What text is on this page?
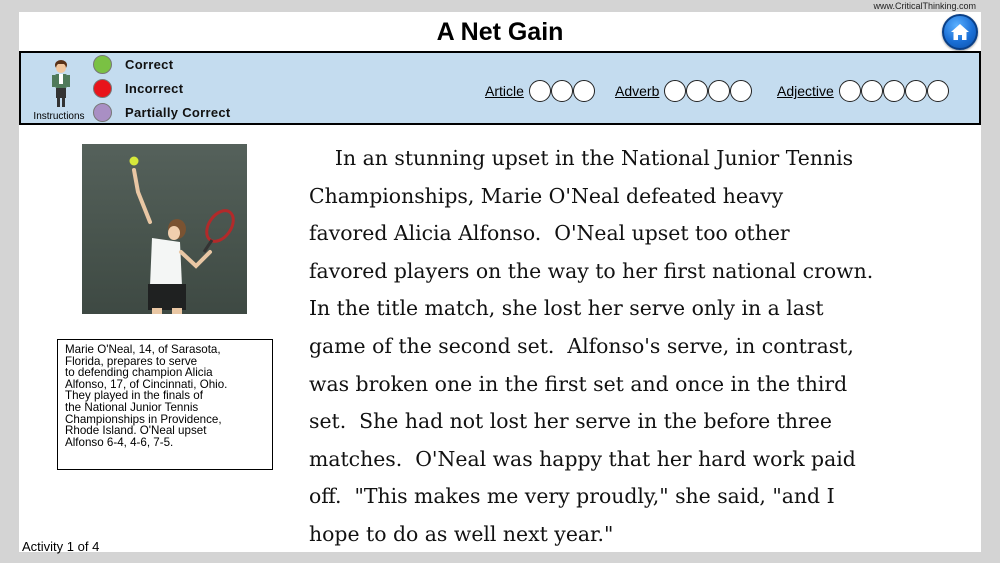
www.CriticalThinking.com
A Net Gain
Instructions
Correct
Incorrect
Partially Correct
Article	Adverb	Adjective
Marie O'Neal, 14, of Sarasota,
Florida, prepares to serve
to defending champion Alicia
Alfonso, 17, of Cincinnati, Ohio.
They played in the finals of
the National Junior Tennis
Championships in Providence,
Rhode Island. O'Neal upset
Alfonso 6-4, 4-6, 7-5.
In an stunning upset in the National Junior Tennis
Championships, Marie O'Neal defeated heavy
favored Alicia Alfonso.  O'Neal upset too other
favored players on the way to her first national crown.
In the title match, she lost her serve only in a last
game of the second set.  Alfonso's serve, in contrast,
was broken one in the first set and once in the third
set.  She had not lost her serve in the before three
matches.  O'Neal was happy that her hard work paid
off.  "This makes me very proudly," she said, "and I
hope to do as well next year."
Activity 1 of 4
